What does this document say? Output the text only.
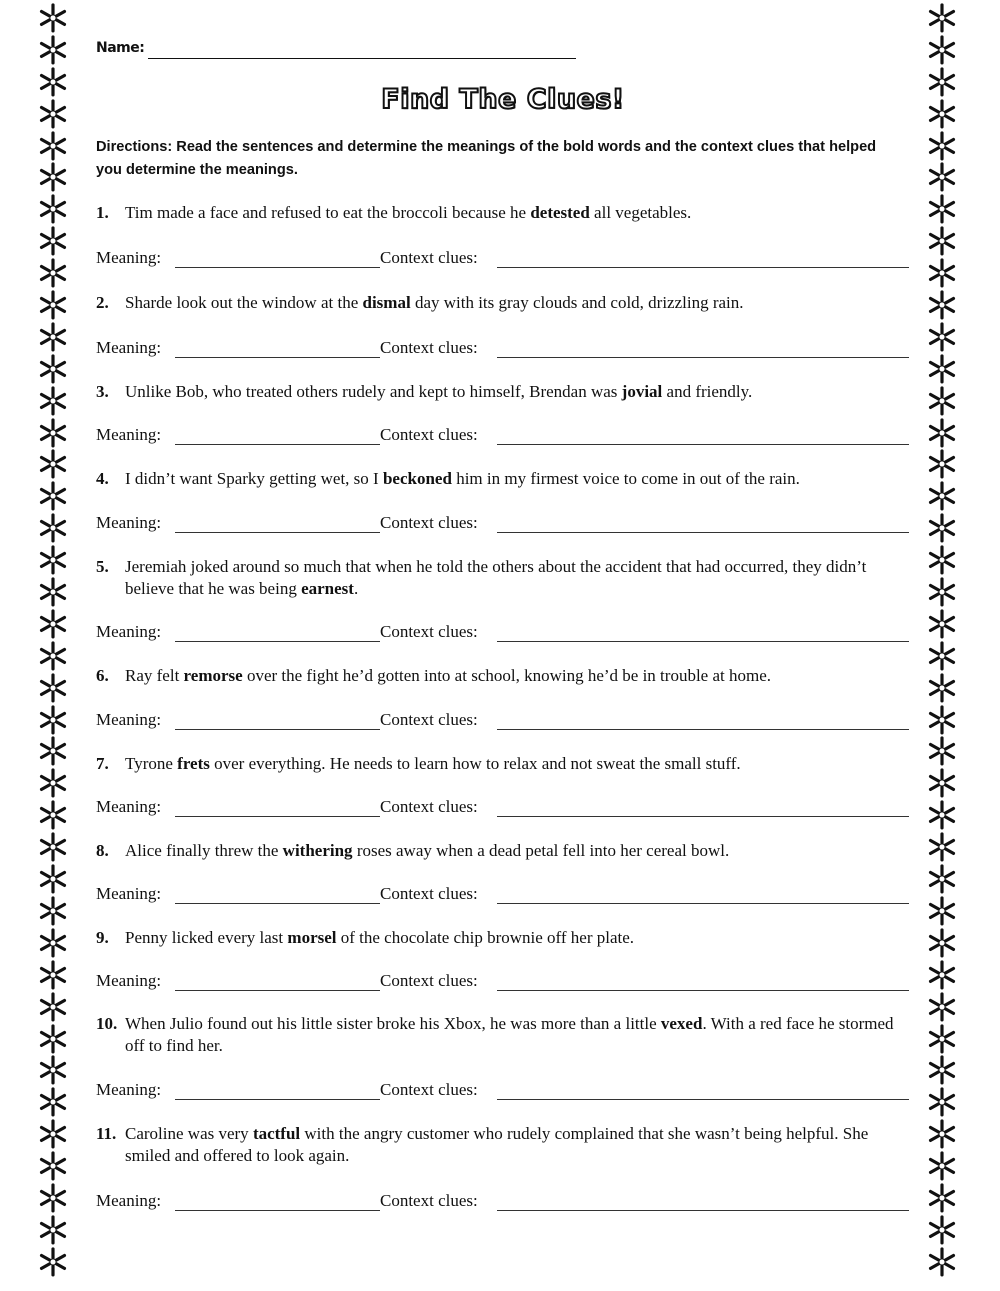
Name:
Find The Clues!
Directions: Read the sentences and determine the meanings of the bold words and the context clues that helped you determine the meanings.
1. Tim made a face and refused to eat the broccoli because he detested all vegetables.
Meaning:	Context clues:
2. Sharde look out the window at the dismal day with its gray clouds and cold, drizzling rain.
Meaning:	Context clues:
3. Unlike Bob, who treated others rudely and kept to himself, Brendan was jovial and friendly.
Meaning:	Context clues:
4. I didn’t want Sparky getting wet, so I beckoned him in my firmest voice to come in out of the rain.
Meaning:	Context clues:
5. Jeremiah joked around so much that when he told the others about the accident that had occurred, they didn’t believe that he was being earnest.
Meaning:	Context clues:
6. Ray felt remorse over the fight he’d gotten into at school, knowing he’d be in trouble at home.
Meaning:	Context clues:
7. Tyrone frets over everything. He needs to learn how to relax and not sweat the small stuff.
Meaning:	Context clues:
8. Alice finally threw the withering roses away when a dead petal fell into her cereal bowl.
Meaning:	Context clues:
9. Penny licked every last morsel of the chocolate chip brownie off her plate.
Meaning:	Context clues:
10. When Julio found out his little sister broke his Xbox, he was more than a little vexed. With a red face he stormed off to find her.
Meaning:	Context clues:
11. Caroline was very tactful with the angry customer who rudely complained that she wasn’t being helpful. She smiled and offered to look again.
Meaning:	Context clues:
